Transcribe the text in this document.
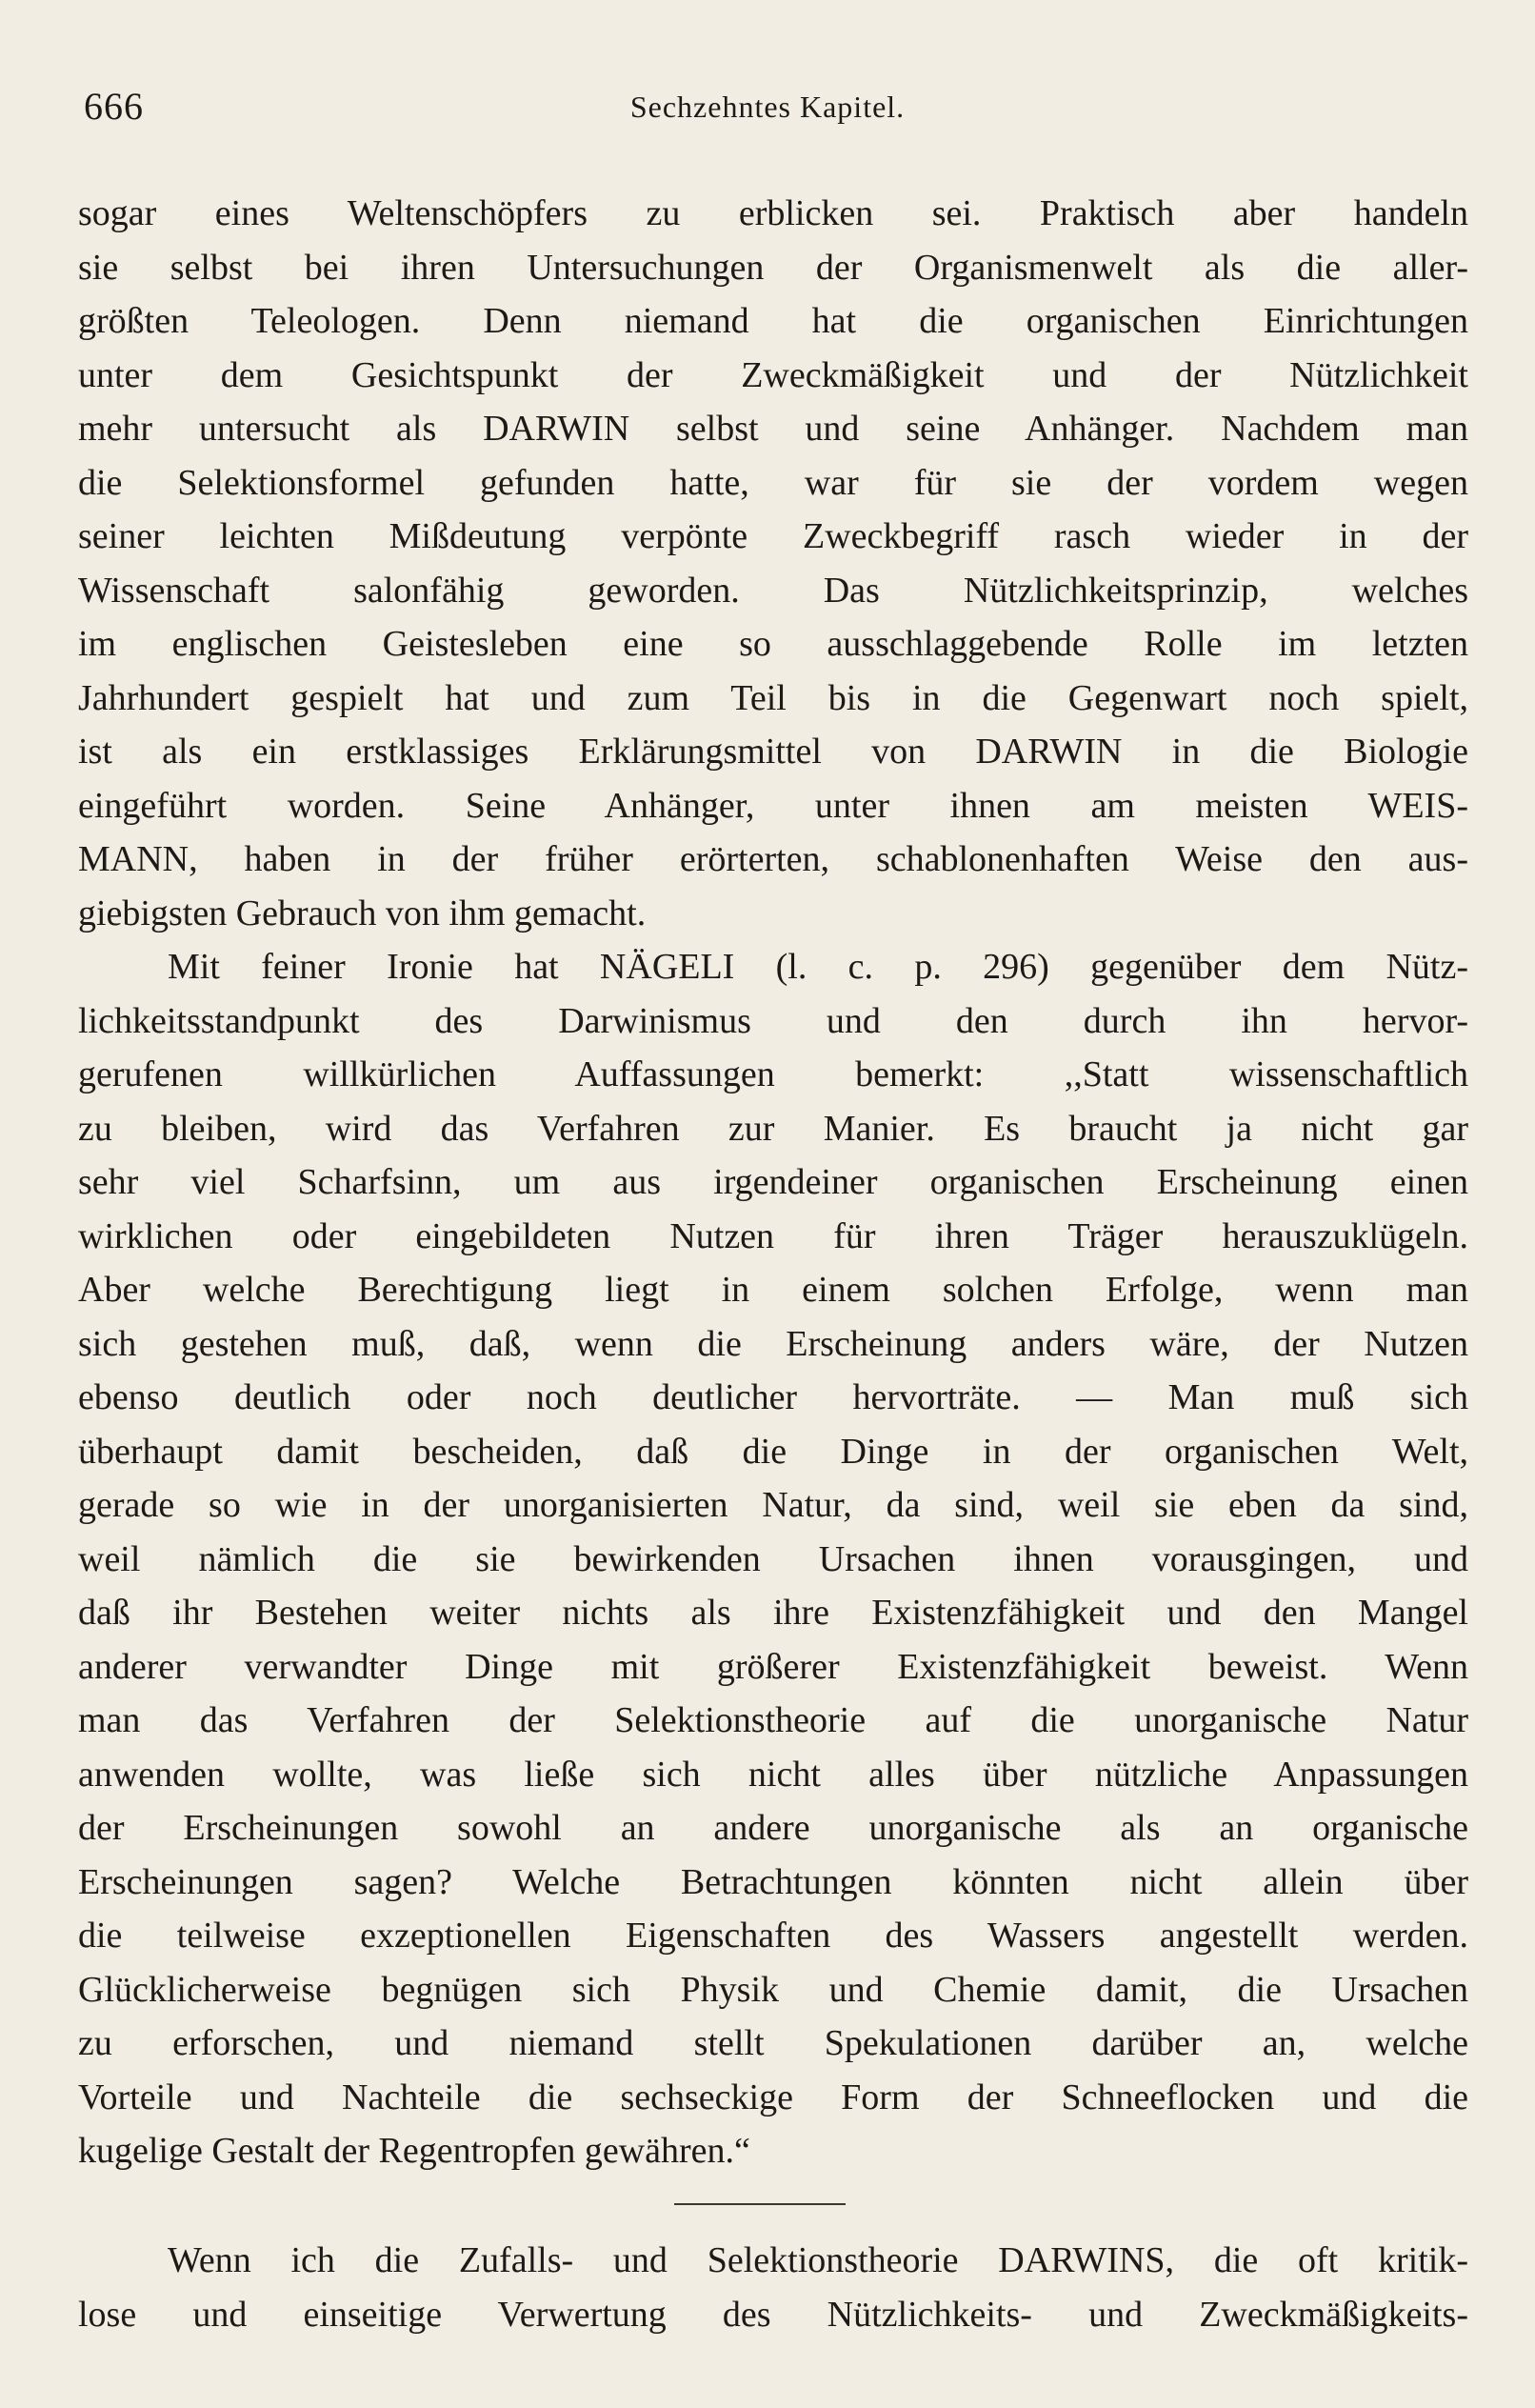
666	Sechzehntes Kapitel.
sogar eines Weltenschöpfers zu erblicken sei. Praktisch aber handeln
sie selbst bei ihren Untersuchungen der Organismenwelt als die aller-
größten Teleologen. Denn niemand hat die organischen Einrichtungen
unter dem Gesichtspunkt der Zweckmäßigkeit und der Nützlichkeit
mehr untersucht als DARWIN selbst und seine Anhänger. Nachdem man
die Selektionsformel gefunden hatte, war für sie der vordem wegen
seiner leichten Mißdeutung verpönte Zweckbegriff rasch wieder in der
Wissenschaft salonfähig geworden. Das Nützlichkeitsprinzip, welches
im englischen Geistesleben eine so ausschlaggebende Rolle im letzten
Jahrhundert gespielt hat und zum Teil bis in die Gegenwart noch spielt,
ist als ein erstklassiges Erklärungsmittel von DARWIN in die Biologie
eingeführt worden. Seine Anhänger, unter ihnen am meisten WEIS-
MANN, haben in der früher erörterten, schablonenhaften Weise den aus-
giebigsten Gebrauch von ihm gemacht.
Mit feiner Ironie hat NÄGELI (l. c. p. 296) gegenüber dem Nütz-
lichkeitsstandpunkt des Darwinismus und den durch ihn hervor-
gerufenen willkürlichen Auffassungen bemerkt: ,,Statt wissenschaftlich
zu bleiben, wird das Verfahren zur Manier. Es braucht ja nicht gar
sehr viel Scharfsinn, um aus irgendeiner organischen Erscheinung einen
wirklichen oder eingebildeten Nutzen für ihren Träger herauszuklügeln.
Aber welche Berechtigung liegt in einem solchen Erfolge, wenn man
sich gestehen muß, daß, wenn die Erscheinung anders wäre, der Nutzen
ebenso deutlich oder noch deutlicher hervorträte. — Man muß sich
überhaupt damit bescheiden, daß die Dinge in der organischen Welt,
gerade so wie in der unorganisierten Natur, da sind, weil sie eben da sind,
weil nämlich die sie bewirkenden Ursachen ihnen vorausgingen, und
daß ihr Bestehen weiter nichts als ihre Existenzfähigkeit und den Mangel
anderer verwandter Dinge mit größerer Existenzfähigkeit beweist. Wenn
man das Verfahren der Selektionstheorie auf die unorganische Natur
anwenden wollte, was ließe sich nicht alles über nützliche Anpassungen
der Erscheinungen sowohl an andere unorganische als an organische
Erscheinungen sagen? Welche Betrachtungen könnten nicht allein über
die teilweise exzeptionellen Eigenschaften des Wassers angestellt werden.
Glücklicherweise begnügen sich Physik und Chemie damit, die Ursachen
zu erforschen, und niemand stellt Spekulationen darüber an, welche
Vorteile und Nachteile die sechseckige Form der Schneeflocken und die
kugelige Gestalt der Regentropfen gewähren.“
Wenn ich die Zufalls- und Selektionstheorie DARWINS, die oft kritik-
lose und einseitige Verwertung des Nützlichkeits- und Zweckmäßigkeits-
